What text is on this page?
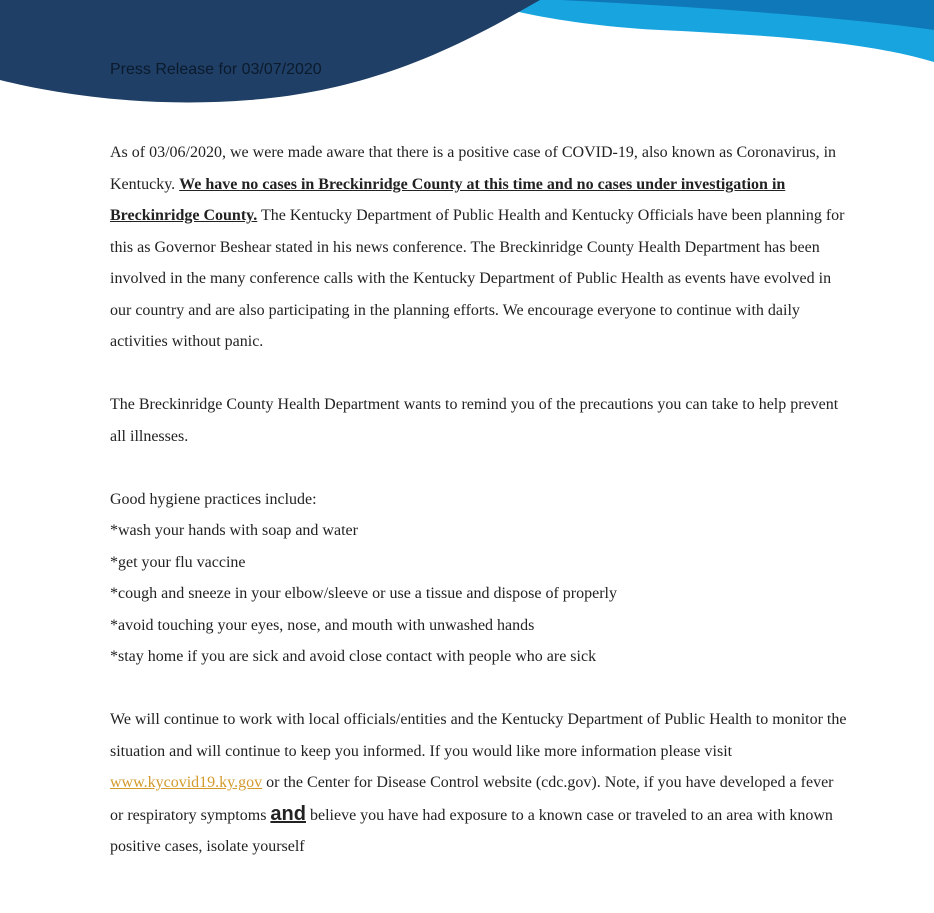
Press Release for 03/07/2020

As of 03/06/2020, we were made aware that there is a positive case of COVID-19, also known as Coronavirus, in Kentucky. We have no cases in Breckinridge County at this time and no cases under investigation in Breckinridge County. The Kentucky Department of Public Health and Kentucky Officials have been planning for this as Governor Beshear stated in his news conference. The Breckinridge County Health Department has been involved in the many conference calls with the Kentucky Department of Public Health as events have evolved in our country and are also participating in the planning efforts. We encourage everyone to continue with daily activities without panic.

The Breckinridge County Health Department wants to remind you of the precautions you can take to help prevent all illnesses.

Good hygiene practices include:
*wash your hands with soap and water
*get your flu vaccine
*cough and sneeze in your elbow/sleeve or use a tissue and dispose of properly
*avoid touching your eyes, nose, and mouth with unwashed hands
*stay home if you are sick and avoid close contact with people who are sick

We will continue to work with local officials/entities and the Kentucky Department of Public Health to monitor the situation and will continue to keep you informed. If you would like more information please visit www.kycovid19.ky.gov or the Center for Disease Control website (cdc.gov). Note, if you have developed a fever or respiratory symptoms and believe you have had exposure to a known case or traveled to an area with known positive cases, isolate yourself
